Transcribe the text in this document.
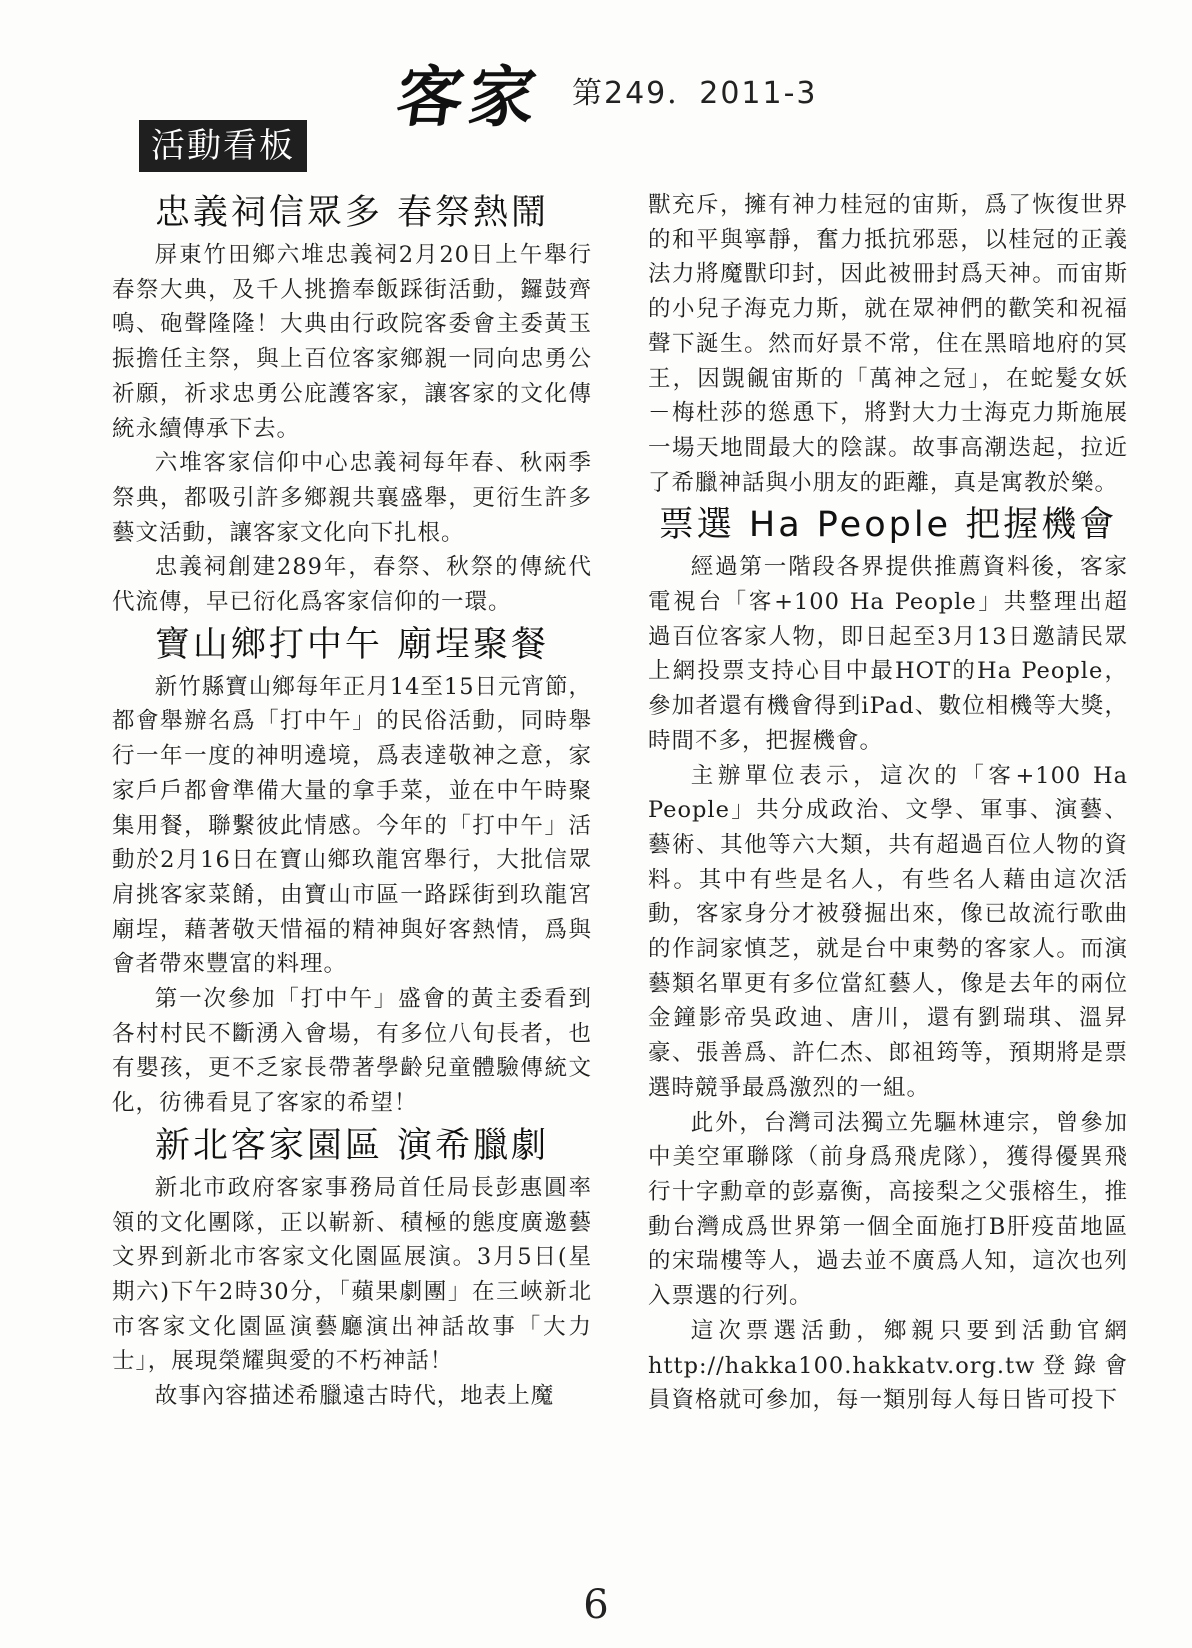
客家 第249．2011-3
活動看板
忠義祠信眾多 春祭熱鬧

屏東竹田鄉六堆忠義祠2月20日上午舉行春祭大典，及千人挑擔奉飯踩街活動，鑼鼓齊鳴、砲聲隆隆！大典由行政院客委會主委黃玉振擔任主祭，與上百位客家鄉親一同向忠勇公祈願，祈求忠勇公庇護客家，讓客家的文化傳統永續傳承下去。

六堆客家信仰中心忠義祠每年春、秋兩季祭典，都吸引許多鄉親共襄盛舉，更衍生許多藝文活動，讓客家文化向下扎根。

忠義祠創建289年，春祭、秋祭的傳統代代流傳，早已衍化爲客家信仰的一環。

寶山鄉打中午 廟埕聚餐

新竹縣寶山鄉每年正月14至15日元宵節，都會舉辦名爲「打中午」的民俗活動，同時舉行一年一度的神明遶境，爲表達敬神之意，家家戶戶都會準備大量的拿手菜，並在中午時聚集用餐，聯繫彼此情感。今年的「打中午」活動於2月16日在寶山鄉玖龍宮舉行，大批信眾肩挑客家菜餚，由寶山市區一路踩街到玖龍宮廟埕，藉著敬天惜福的精神與好客熱情，爲與會者帶來豐富的料理。

第一次參加「打中午」盛會的黃主委看到各村村民不斷湧入會場，有多位八旬長者，也有嬰孩，更不乏家長帶著學齡兒童體驗傳統文化，彷彿看見了客家的希望！

新北客家園區 演希臘劇

新北市政府客家事務局首任局長彭惠圓率領的文化團隊，正以嶄新、積極的態度廣邀藝文界到新北市客家文化園區展演。3月5日(星期六)下午2時30分，「蘋果劇團」在三峽新北市客家文化園區演藝廳演出神話故事「大力士」，展現榮耀與愛的不朽神話！

故事內容描述希臘遠古時代，地表上魔

獸充斥，擁有神力桂冠的宙斯，爲了恢復世界的和平與寧靜，奮力抵抗邪惡，以桂冠的正義法力將魔獸印封，因此被冊封爲天神。而宙斯的小兒子海克力斯，就在眾神們的歡笑和祝福聲下誕生。然而好景不常，住在黑暗地府的冥王，因覬覦宙斯的「萬神之冠」，在蛇髮女妖－梅杜莎的慫恿下，將對大力士海克力斯施展一場天地間最大的陰謀。故事高潮迭起，拉近了希臘神話與小朋友的距離，真是寓教於樂。

票選 Ha People 把握機會

經過第一階段各界提供推薦資料後，客家電視台「客+100 Ha People」共整理出超過百位客家人物，即日起至3月13日邀請民眾上網投票支持心目中最HOT的Ha People，參加者還有機會得到iPad、數位相機等大獎，時間不多，把握機會。

主辦單位表示，這次的「客+100 Ha People」共分成政治、文學、軍事、演藝、藝術、其他等六大類，共有超過百位人物的資料。其中有些是名人，有些名人藉由這次活動，客家身分才被發掘出來，像已故流行歌曲的作詞家慎芝，就是台中東勢的客家人。而演藝類名單更有多位當紅藝人，像是去年的兩位金鐘影帝吳政迪、唐川，還有劉瑞琪、溫昇豪、張善爲、許仁杰、郎祖筠等，預期將是票選時競爭最爲激烈的一組。

此外，台灣司法獨立先驅林連宗，曾參加中美空軍聯隊（前身爲飛虎隊），獲得優異飛行十字勳章的彭嘉衡，高接梨之父張榕生，推動台灣成爲世界第一個全面施打B肝疫苗地區的宋瑞樓等人，過去並不廣爲人知，這次也列入票選的行列。

這次票選活動，鄉親只要到活動官網http://hakka100.hakkatv.org.tw登錄會員資格就可參加，每一類別每人每日皆可投下

6
